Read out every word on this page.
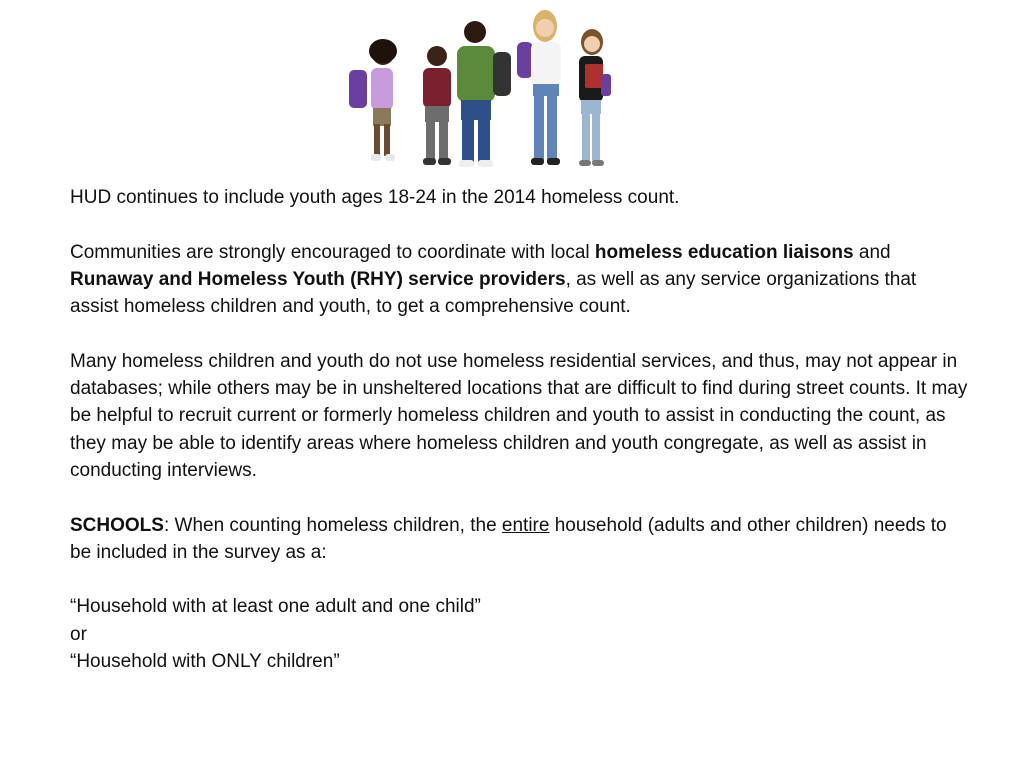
HUD continues to include youth ages 18-24 in the 2014 homeless count.

Communities are strongly encouraged to coordinate with local homeless education liaisons and Runaway and Homeless Youth (RHY) service providers, as well as any service organizations that assist homeless children and youth, to get a comprehensive count.

Many homeless children and youth do not use homeless residential services, and thus, may not appear in databases; while others may be in unsheltered locations that are difficult to find during street counts. It may be helpful to recruit current or formerly homeless children and youth to assist in conducting the count, as they may be able to identify areas where homeless children and youth congregate, as well as assist in conducting interviews.

SCHOOLS: When counting homeless children, the entire household (adults and other children) needs to be included in the survey as a:

“Household with at least one adult and one child”

or

“Household with ONLY children”
